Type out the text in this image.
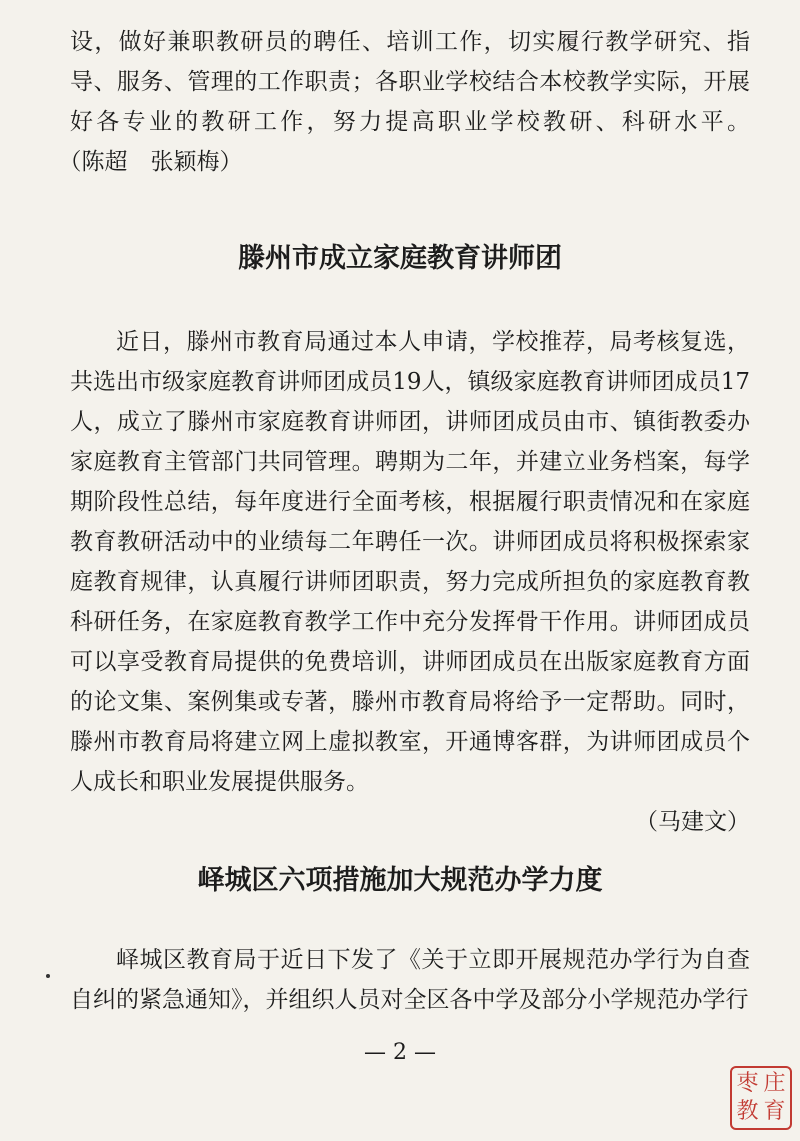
设，做好兼职教研员的聘任、培训工作，切实履行教学研究、指导、服务、管理的工作职责；各职业学校结合本校教学实际，开展好各专业的教研工作，努力提高职业学校教研、科研水平。（陈超　张颖梅）

滕州市成立家庭教育讲师团

近日，滕州市教育局通过本人申请，学校推荐，局考核复选，共选出市级家庭教育讲师团成员19人，镇级家庭教育讲师团成员17人，成立了滕州市家庭教育讲师团，讲师团成员由市、镇街教委办家庭教育主管部门共同管理。聘期为二年，并建立业务档案，每学期阶段性总结，每年度进行全面考核，根据履行职责情况和在家庭教育教研活动中的业绩每二年聘任一次。讲师团成员将积极探索家庭教育规律，认真履行讲师团职责，努力完成所担负的家庭教育教科研任务，在家庭教育教学工作中充分发挥骨干作用。讲师团成员可以享受教育局提供的免费培训，讲师团成员在出版家庭教育方面的论文集、案例集或专著，滕州市教育局将给予一定帮助。同时，滕州市教育局将建立网上虚拟教室，开通博客群，为讲师团成员个人成长和职业发展提供服务。
（马建文）

峄城区六项措施加大规范办学力度

峄城区教育局于近日下发了《关于立即开展规范办学行为自查自纠的紧急通知》，并组织人员对全区各中学及部分小学规范办学行

— 2 —
枣 庄
教 育
